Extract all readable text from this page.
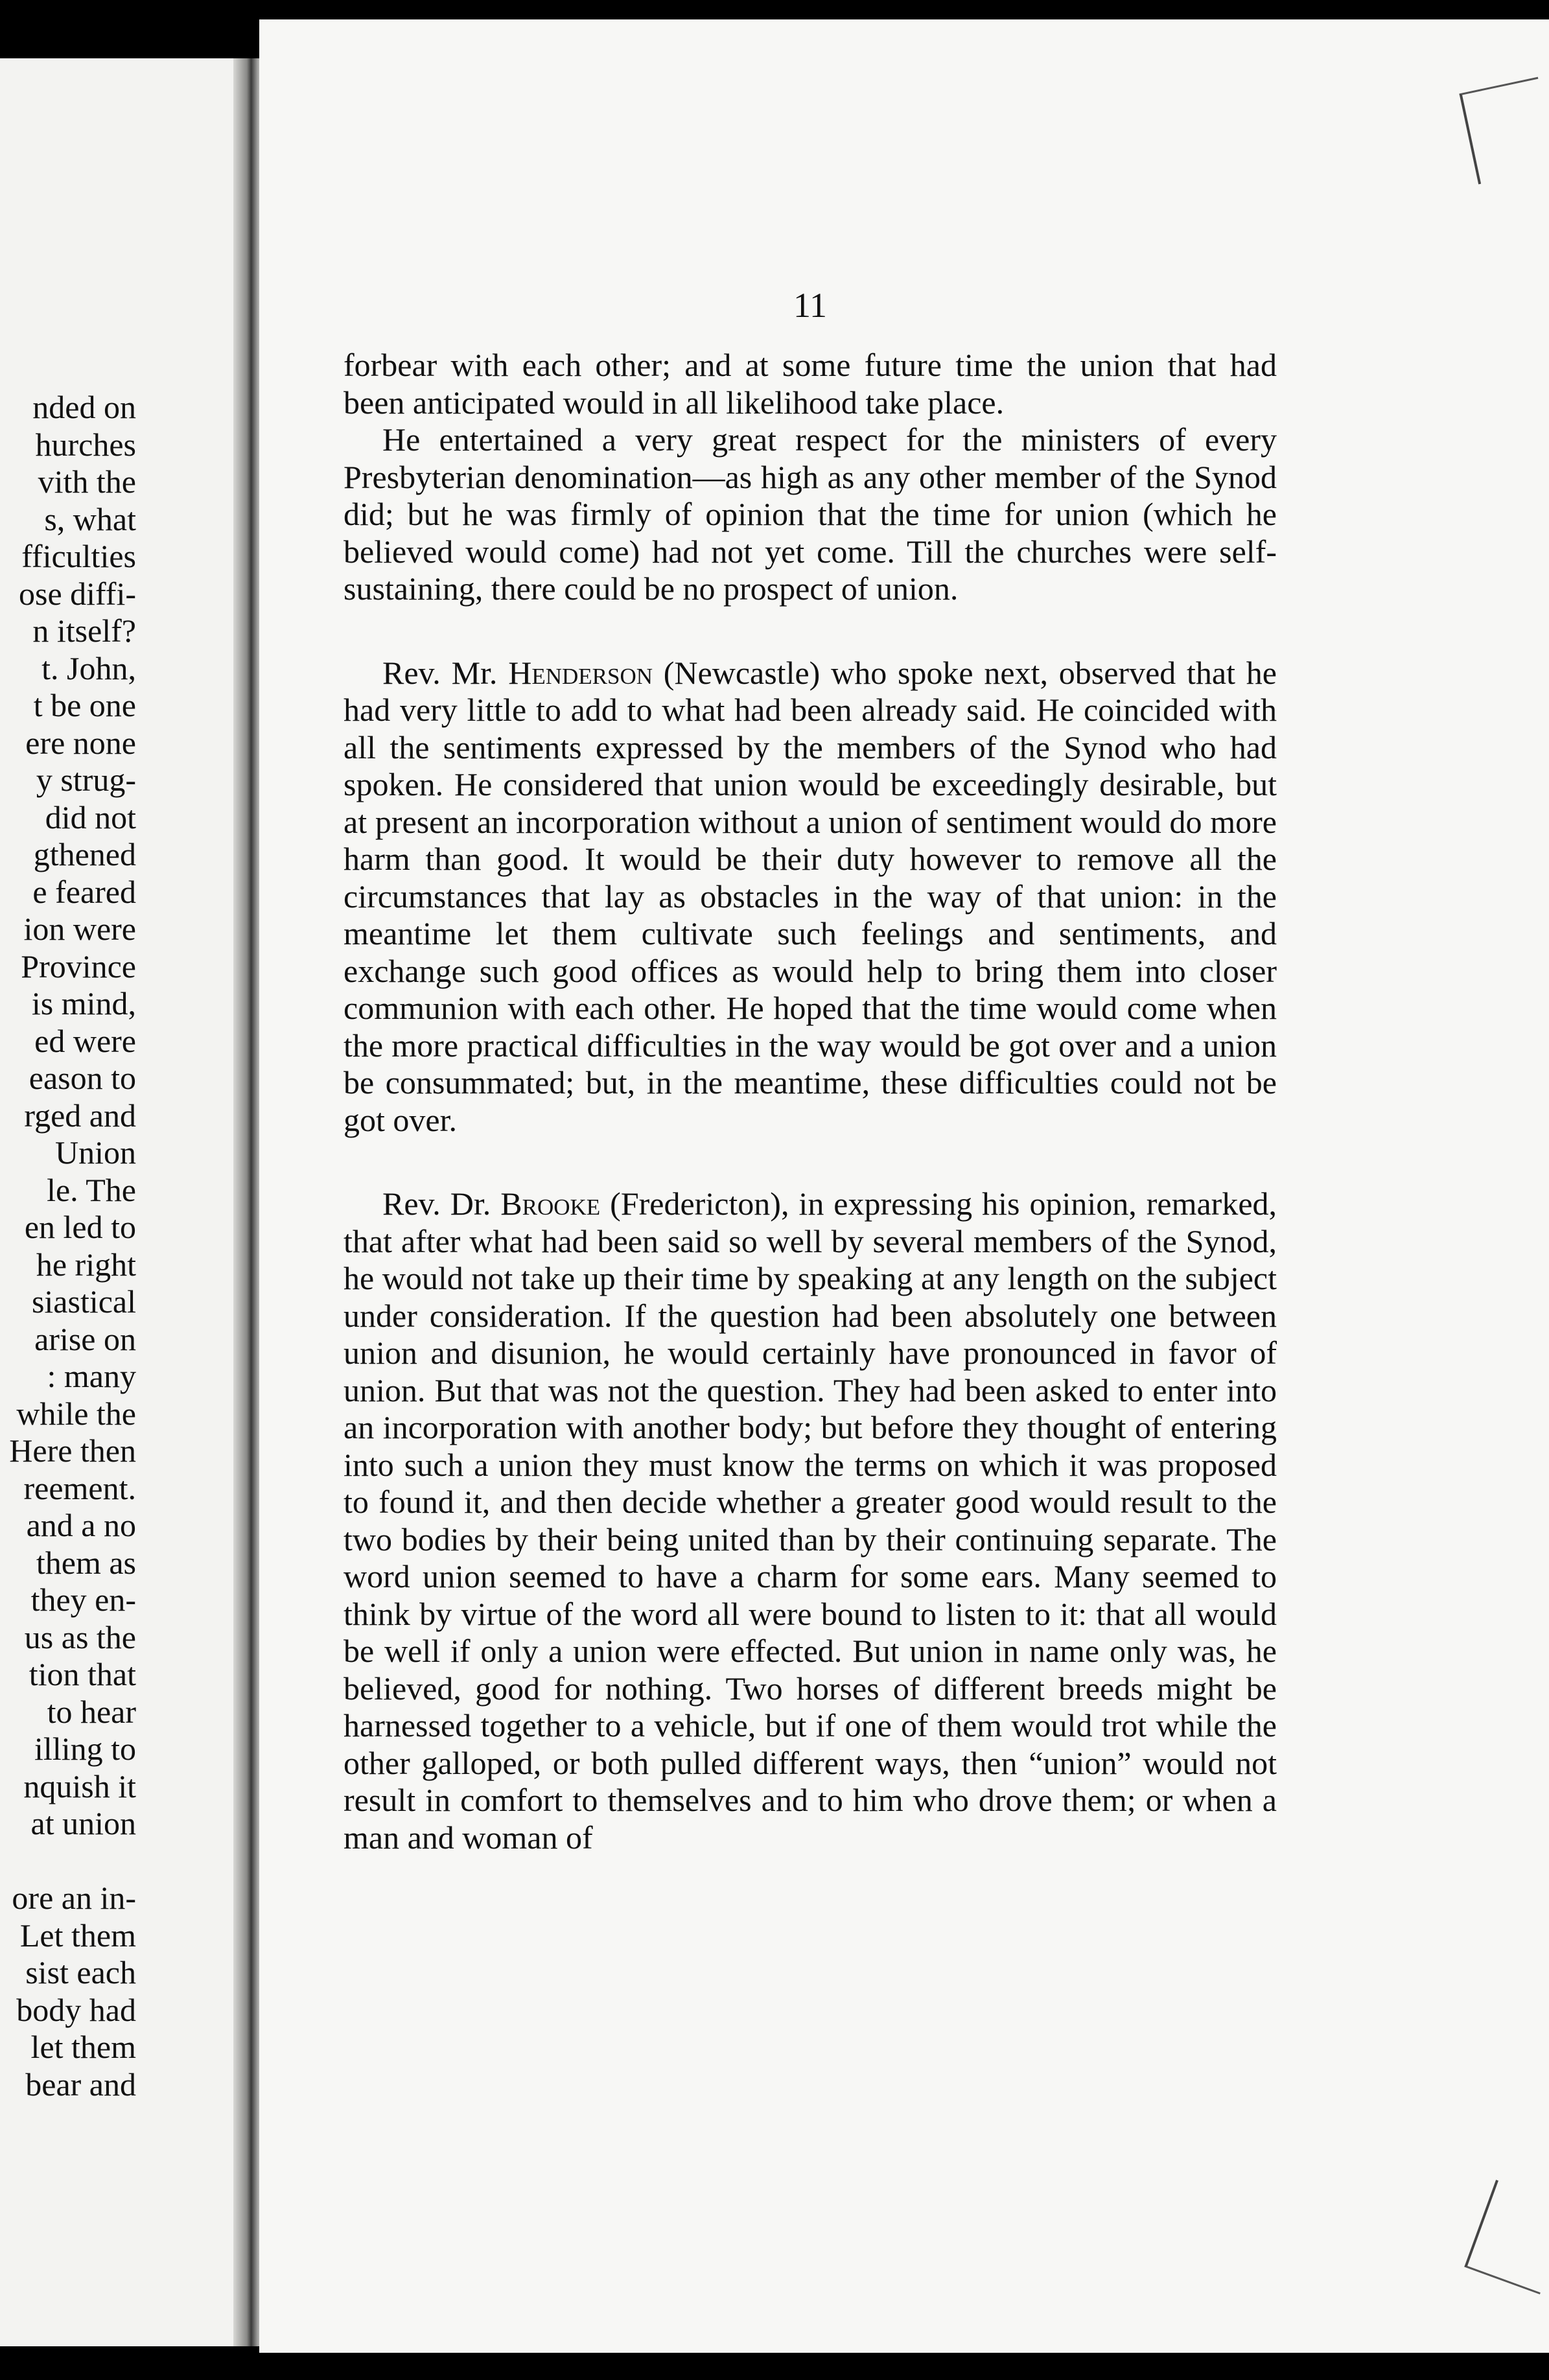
nded on
hurches
vith the
s, what
fficulties
ose diffi-
n itself?
t. John,
t be one
ere none
y strug-
did not
gthened
e feared
ion were
Province
is mind,
ed were
eason to
rged and
Union
le. The
en led to
he right
siastical
arise on
: many
while the
Here then
reement.
and a no
them as
they en-
us as the
tion that
to hear
illing to
nquish it
at union

ore an in-
Let them
sist each
body had
let them
bear and
11

forbear with each other; and at some future time the union that had been anticipated would in all likelihood take place.

He entertained a very great respect for the ministers of every Presbyterian denomination—as high as any other member of the Synod did; but he was firmly of opinion that the time for union (which he believed would come) had not yet come. Till the churches were self-sustaining, there could be no prospect of union.

Rev. Mr. Henderson (Newcastle) who spoke next, observed that he had very little to add to what had been already said. He coincided with all the sentiments expressed by the members of the Synod who had spoken. He considered that union would be exceedingly desirable, but at present an incorporation without a union of sentiment would do more harm than good. It would be their duty however to remove all the circumstances that lay as obstacles in the way of that union: in the meantime let them cultivate such feelings and sentiments, and exchange such good offices as would help to bring them into closer communion with each other. He hoped that the time would come when the more practical difficulties in the way would be got over and a union be consummated; but, in the meantime, these difficulties could not be got over.

Rev. Dr. Brooke (Fredericton), in expressing his opinion, remarked, that after what had been said so well by several members of the Synod, he would not take up their time by speaking at any length on the subject under consideration. If the question had been absolutely one between union and disunion, he would certainly have pronounced in favor of union. But that was not the question. They had been asked to enter into an incorporation with another body; but before they thought of entering into such a union they must know the terms on which it was proposed to found it, and then decide whether a greater good would result to the two bodies by their being united than by their continuing separate. The word union seemed to have a charm for some ears. Many seemed to think by virtue of the word all were bound to listen to it: that all would be well if only a union were effected. But union in name only was, he believed, good for nothing. Two horses of different breeds might be harnessed together to a vehicle, but if one of them would trot while the other galloped, or both pulled different ways, then “union” would not result in comfort to themselves and to him who drove them; or when a man and woman of
